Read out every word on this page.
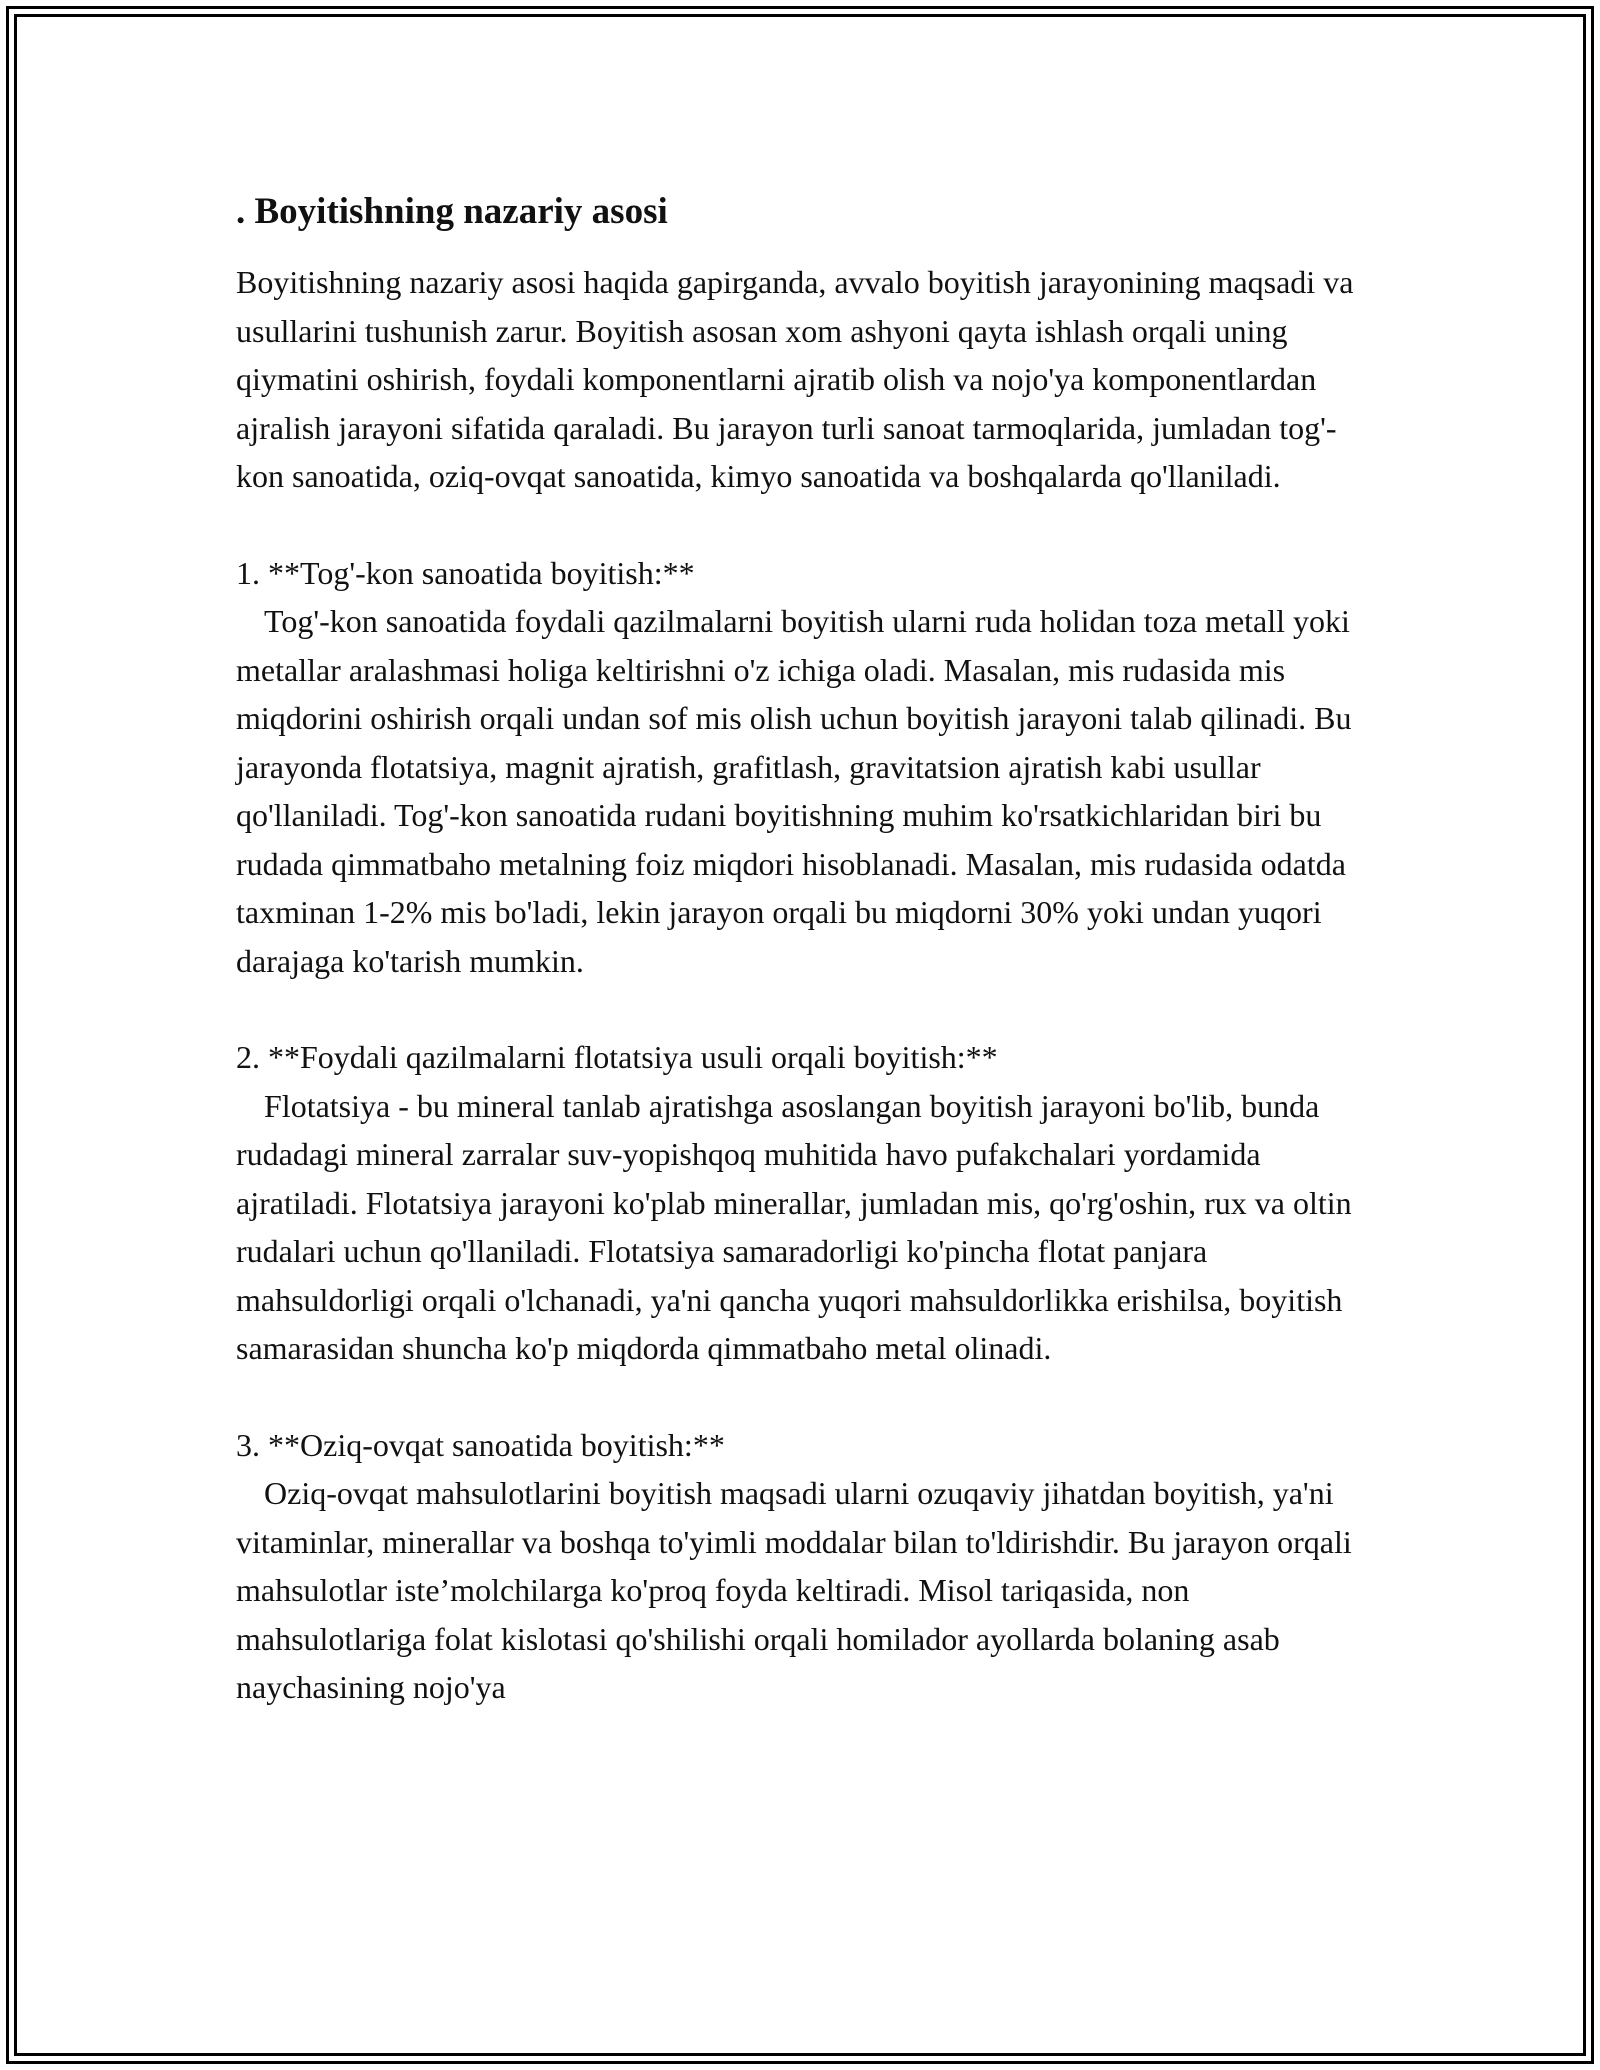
. Boyitishning nazariy asosi

Boyitishning nazariy asosi haqida gapirganda, avvalo boyitish jarayonining maqsadi va usullarini tushunish zarur. Boyitish asosan xom ashyoni qayta ishlash orqali uning qiymatini oshirish, foydali komponentlarni ajratib olish va nojo'ya komponentlardan ajralish jarayoni sifatida qaraladi. Bu jarayon turli sanoat tarmoqlarida, jumladan tog'-kon sanoatida, oziq-ovqat sanoatida, kimyo sanoatida va boshqalarda qo'llaniladi.

1. **Tog'-kon sanoatida boyitish:**

Tog'-kon sanoatida foydali qazilmalarni boyitish ularni ruda holidan toza metall yoki metallar aralashmasi holiga keltirishni o'z ichiga oladi. Masalan, mis rudasida mis miqdorini oshirish orqali undan sof mis olish uchun boyitish jarayoni talab qilinadi. Bu jarayonda flotatsiya, magnit ajratish, grafitlash, gravitatsion ajratish kabi usullar qo'llaniladi. Tog'-kon sanoatida rudani boyitishning muhim ko'rsatkichlaridan biri bu rudada qimmatbaho metalning foiz miqdori hisoblanadi. Masalan, mis rudasida odatda taxminan 1-2% mis bo'ladi, lekin jarayon orqali bu miqdorni 30% yoki undan yuqori darajaga ko'tarish mumkin.

2. **Foydali qazilmalarni flotatsiya usuli orqali boyitish:**

Flotatsiya - bu mineral tanlab ajratishga asoslangan boyitish jarayoni bo'lib, bunda rudadagi mineral zarralar suv-yopishqoq muhitida havo pufakchalari yordamida ajratiladi. Flotatsiya jarayoni ko'plab minerallar, jumladan mis, qo'rg'oshin, rux va oltin rudalari uchun qo'llaniladi. Flotatsiya samaradorligi ko'pincha flotat panjara mahsuldorligi orqali o'lchanadi, ya'ni qancha yuqori mahsuldorlikka erishilsa, boyitish samarasidan shuncha ko'p miqdorda qimmatbaho metal olinadi.

3. **Oziq-ovqat sanoatida boyitish:**

Oziq-ovqat mahsulotlarini boyitish maqsadi ularni ozuqaviy jihatdan boyitish, ya'ni vitaminlar, minerallar va boshqa to'yimli moddalar bilan to'ldirishdir. Bu jarayon orqali mahsulotlar iste’molchilarga ko'proq foyda keltiradi. Misol tariqasida, non mahsulotlariga folat kislotasi qo'shilishi orqali homilador ayollarda bolaning asab naychasining nojo'ya
